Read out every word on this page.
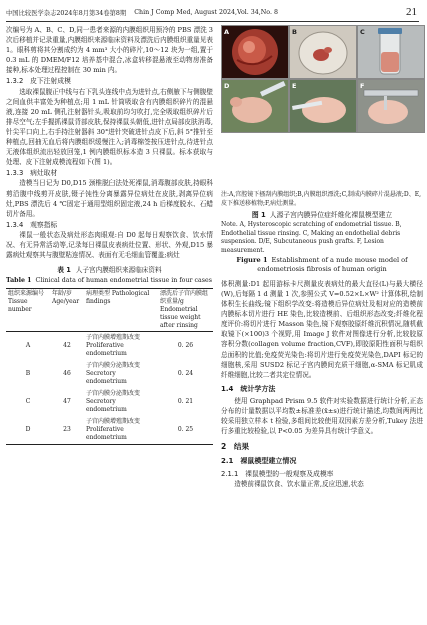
中国比较医学杂志2024年8月第34卷第8期 Chin J Comp Med, August 2024,Vol. 34,No. 8	21

次编号为 A、B、C、D,同一患者来源的内膜组织用预冷的 PBS 漂洗 3 次后移植并记录重量,内膜组织来源临床资料及漂洗后内膜组织重量见表 1。眼科剪将其分割成约为 4 mm³ 大小的碎片,10～12 块为一组,置于 0.3 mL 的 DMEM/F12 培养基中混合,冰盒转移混悬液至动物房准备接种,标本处理过程控制在 30 min 内。

1.3.2　皮下注射成模

选取裸鼠腹正中线与右下乳头连线中点为进针点,右侧腋下与侧腹壁之间血供丰富处为种植点;用 1 mL 针筒吸取含有内膜组织碎片的混悬液,连接 20 mL 侧孔注射器针头,吸取前均匀吹打,完全吸取组织碎片后排尽空气;左手握抓裸鼠背部皮肤,保持裸鼠头朝低,进针点局部皮肤消毒,针尖平口向上,右手持注射器斜 30°进针突破进针点皮下后,斜 5°推针至种植点,回抽无血后将内膜组织缓慢注入;消毒棉签按压进针点,待进针点无液体组织流出轻放回笼,1 例内膜组织标本造 3 只裸鼠。标本获取与处理、皮下注射成模流程如下(图 1)。

1.3.3　病灶取材

造模当日记为 D0,D15 颈椎脱臼法处死裸鼠,消毒腹部皮肤,持眼科剪沿腹中线剪开皮肤,镊子钝性分离暴露异位病灶在皮肤,剥离异位病灶,PBS 漂洗后 4 ℃固定于通用型组织固定液,24 h 后梯度脱水、石蜡切片备用。

1.3.4　观察指标

裸鼠一般状态及病灶形态肉眼观:自 D0 起每日观察饮食、饮水情况、有无异常活动等,记录每日裸鼠皮表病灶位置、形状、外观,D15 暴露病灶观察其与腹壁粘连情况、表面有无毛细血管覆盖;病灶

表 1 人子宫内膜组织来源临床资料
Table 1 Clinical data of human endometrial tissue in four cases
组织来源编号 Tissue number	年龄/岁 Age/year	病理类型 Pathological findings	漂洗后子宫内膜组织重量/g Endometrial tissue weight after rinsing
A	42	子宫内膜增殖期改变 Proliferative endometrium	0. 26
B	46	子宫内膜分泌期改变 Secretory endometrium	0. 24
C	47	子宫内膜分泌期改变 Secretory endometrium	0. 21
D	23	子宫内膜增殖期改变 Proliferative endometrium	0. 25
A	B	C
D	E	F

注:A,宫腔镜下搔刮内膜组织;B,内膜组织漂洗;C,制成内膜碎片混悬液;D、E,皮下推送移植物;F,病灶测量。

图 1 人源子宫内膜异位症纤维化裸鼠模型建立

Note. A, Hysteroscopic scratching of endometrial tissue. B, Endothelial tissue rinsing. C, Making an endothelial debris suspension. D/E, Subcutaneous push grafts. F, Lesion measurement.

Figure 1 Establishment of a nude mouse model of endometriosis fibrosis of human origin

体积测量:D1 起用游标卡尺测量皮表病灶的最大直径(L)与最大横径(W),后每隔 1 d 测量 1 次,参照公式 V=0.52×L×W² 计算体积,绘制体积生长曲线;镜下组织学改变:将造模后异位病灶及相对应的造模前内膜标本切片进行 HE 染色,比较造模前、后组织形态改变;纤维化程度评价:将切片进行 Masson 染色,镜下观察胶原纤维沉积情况,随机截取镜下(×100)3 个视野,用 Image J 软件对图像进行分析,比较胶原容积分数(collagen volume fraction,CVF),即胶原阳性面积与组织总面积的比值;免疫荧光染色:将切片进行免疫荧光染色,DAPI 标记的细胞核,采用 SUSD2 标记子宫内膜间充质干细胞,α-SMA 标记肌成纤维细胞,比较二者共定位情况。

1.4　统计学方法

使用 Graphpad Prism 9.5 软件对实验数据进行统计分析,正态分布的计量数据以平均数±标准差(x̄±s)进行统计描述,均数间两两比较采用独立样本 t 检验,多组间比较使用双因素方差分析,Tukey 法进行多重比较检验,以 P<0.05 为差异具有统计学意义。

2　结果

2.1　裸鼠模型建立情况

2.1.1　裸鼠模型的一般观察及成模率

造模前裸鼠饮食、饮水量正常,反应迅速,状态
